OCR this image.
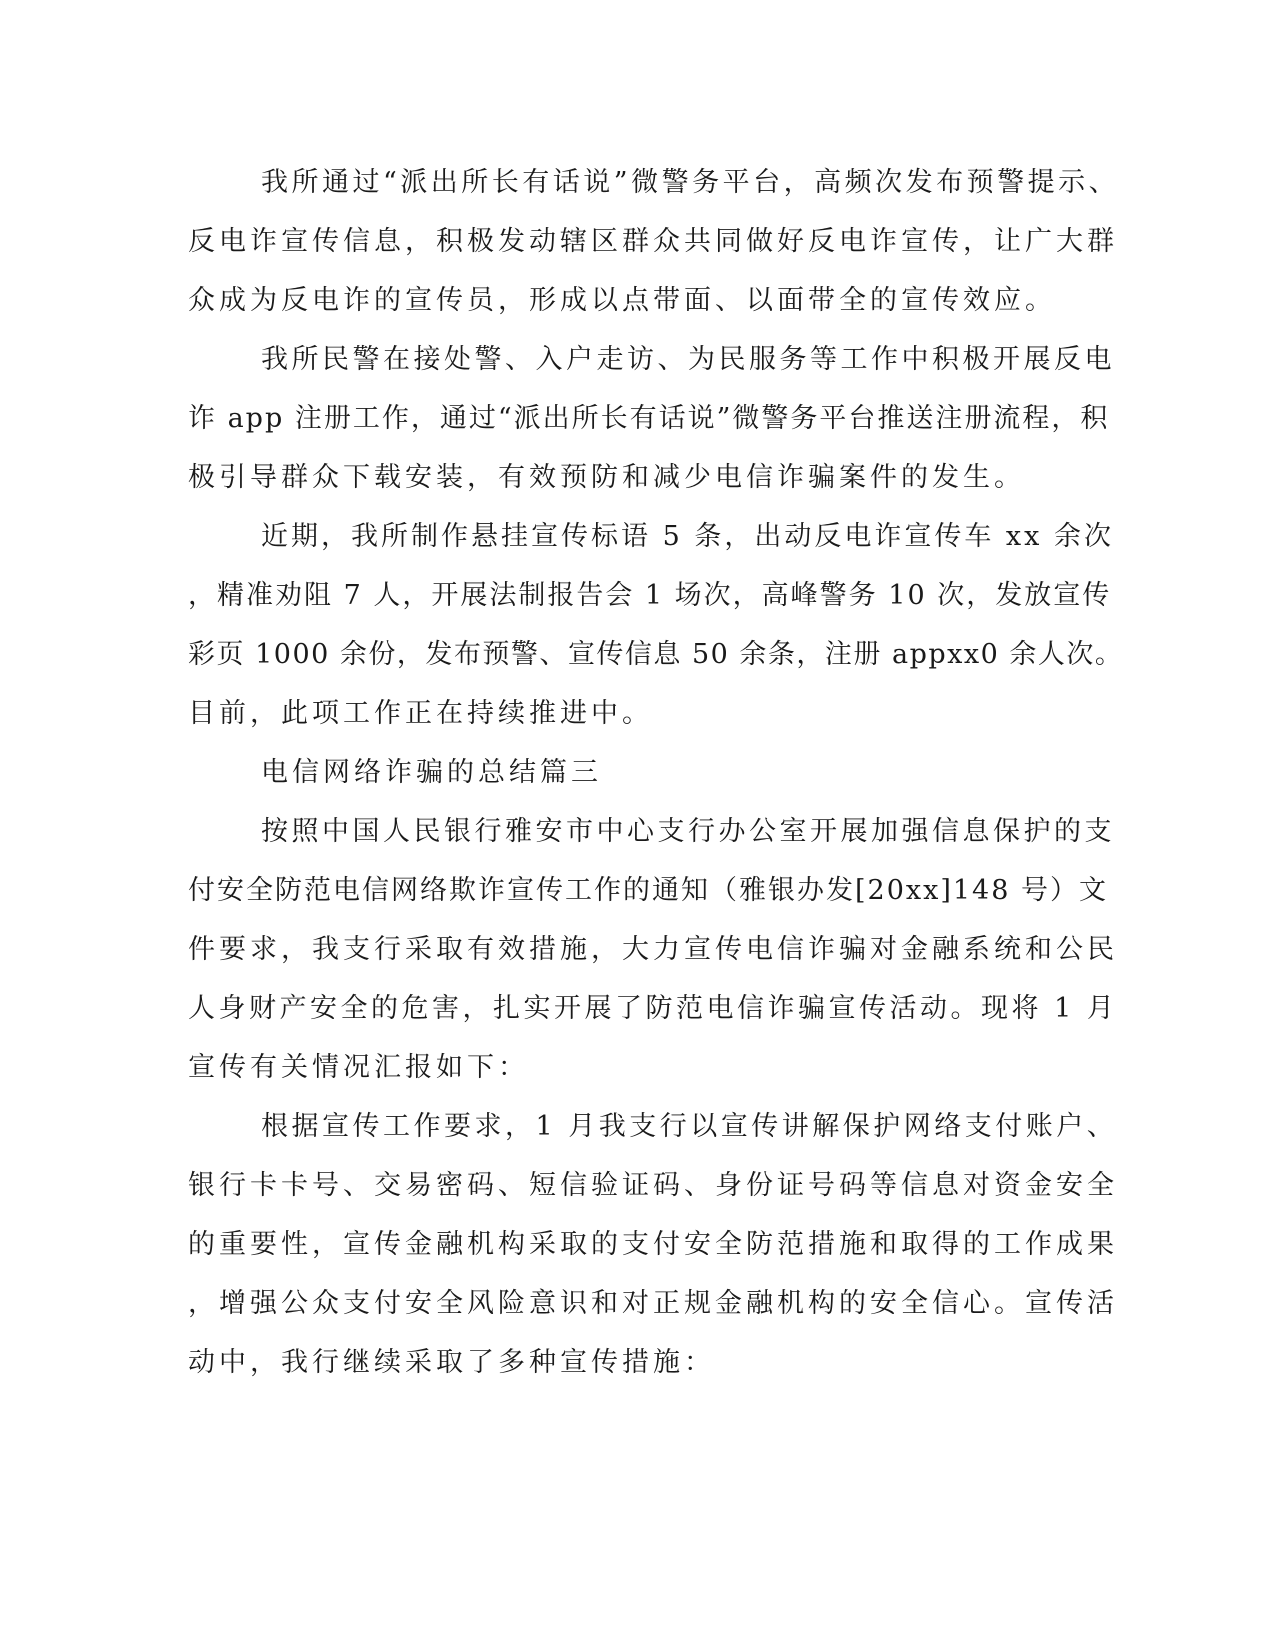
我所通过“派出所长有话说”微警务平台，高频次发布预警提示、
反电诈宣传信息，积极发动辖区群众共同做好反电诈宣传，让广大群
众成为反电诈的宣传员，形成以点带面、以面带全的宣传效应。
我所民警在接处警、入户走访、为民服务等工作中积极开展反电
诈 app 注册工作，通过“派出所长有话说”微警务平台推送注册流程，积
极引导群众下载安装，有效预防和减少电信诈骗案件的发生。
近期，我所制作悬挂宣传标语 5 条，出动反电诈宣传车 xx 余次
，精准劝阻 7 人，开展法制报告会 1 场次，高峰警务 10 次，发放宣传
彩页 1000 余份，发布预警、宣传信息 50 余条，注册 appxx0 余人次。
目前，此项工作正在持续推进中。
电信网络诈骗的总结篇三
按照中国人民银行雅安市中心支行办公室开展加强信息保护的支
付安全防范电信网络欺诈宣传工作的通知（雅银办发[20xx]148 号）文
件要求，我支行采取有效措施，大力宣传电信诈骗对金融系统和公民
人身财产安全的危害，扎实开展了防范电信诈骗宣传活动。现将 1 月
宣传有关情况汇报如下：
根据宣传工作要求，1 月我支行以宣传讲解保护网络支付账户、
银行卡卡号、交易密码、短信验证码、身份证号码等信息对资金安全
的重要性，宣传金融机构采取的支付安全防范措施和取得的工作成果
，增强公众支付安全风险意识和对正规金融机构的安全信心。宣传活
动中，我行继续采取了多种宣传措施：
